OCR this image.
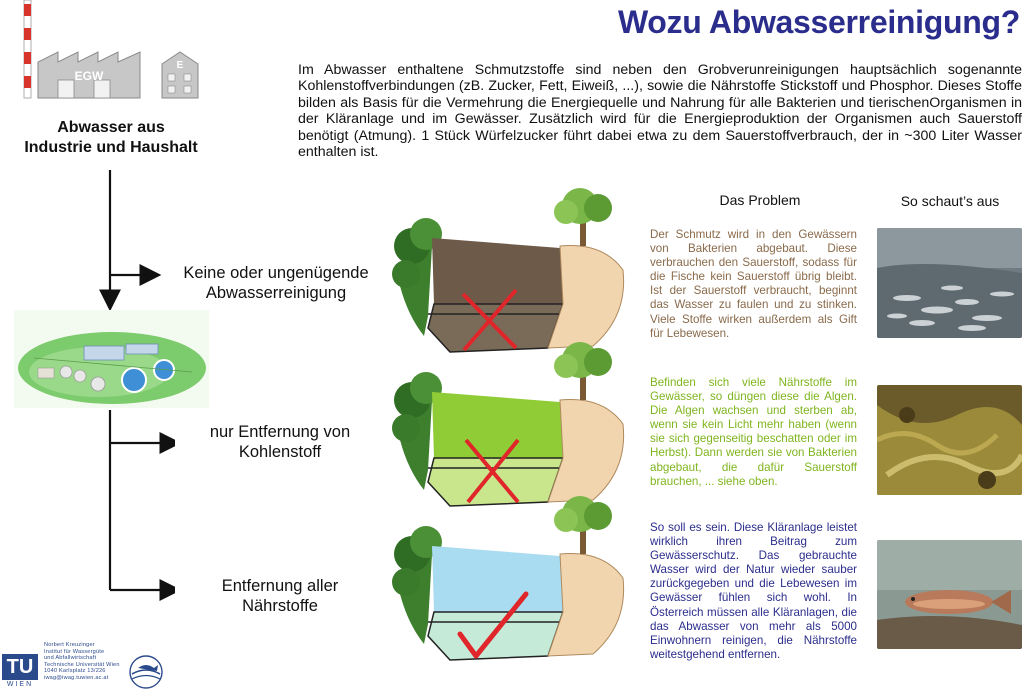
Wozu Abwasserreinigung?
Im Abwasser enthaltene Schmutzstoffe sind neben den Grobverunreinigungen hauptsächlich sogenannte Kohlenstoffverbindungen (zB. Zucker, Fett, Eiweiß, ...), sowie die Nährstoffe Stickstoff und Phosphor. Dieses Stoffe bilden als Basis für die Vermehrung die Energiequelle und Nahrung für alle Bakterien und tierischenOrganismen in der Kläranlage und im Gewässer. Zusätzlich wird für die Energieproduktion der Organismen auch Sauerstoff benötigt (Atmung). 1 Stück Würfelzucker führt dabei etwa zu dem Sauerstoffverbrauch, der in ~300 Liter Wasser enthalten ist.
EGW
E
Abwasser aus
Industrie und Haushalt
Keine oder ungenügende
Abwasserreinigung
nur Entfernung von
Kohlenstoff
Entfernung aller
Nährstoffe
Das Problem	So schaut’s aus
Der Schmutz wird in den Gewässern von Bakterien abgebaut. Diese verbrauchen den Sauerstoff, sodass für die Fische kein Sauerstoff übrig bleibt. Ist der Sauerstoff verbraucht, beginnt das Wasser zu faulen und zu stinken. Viele Stoffe wirken außerdem als Gift für Lebewesen.
Befinden sich viele Nährstoffe im Gewässer, so düngen diese die Algen. Die Algen wachsen und sterben ab, wenn sie kein Licht mehr haben (wenn sie sich gegenseitig beschatten oder im Herbst). Dann werden sie von Bakterien abgebaut, die dafür Sauerstoff brauchen, ... siehe oben.
So soll es sein. Diese Kläranlage leistet wirklich ihren Beitrag zum Gewässerschutz. Das gebrauchte Wasser wird der Natur wieder sauber zurückgegeben und die Lebewesen im Gewässer fühlen sich wohl. In Österreich müssen alle Kläranlagen, die das Abwasser von mehr als 5000 Einwohnern reinigen, die Nährstoffe weitestgehend entfernen.
TU
WIEN
Norbert Kreuzinger
Institut für Wassergüte
und Abfallwirtschaft
Technische Universität Wien
1040 Karlsplatz 13/226
iwag@iwag.tuwien.ac.at
